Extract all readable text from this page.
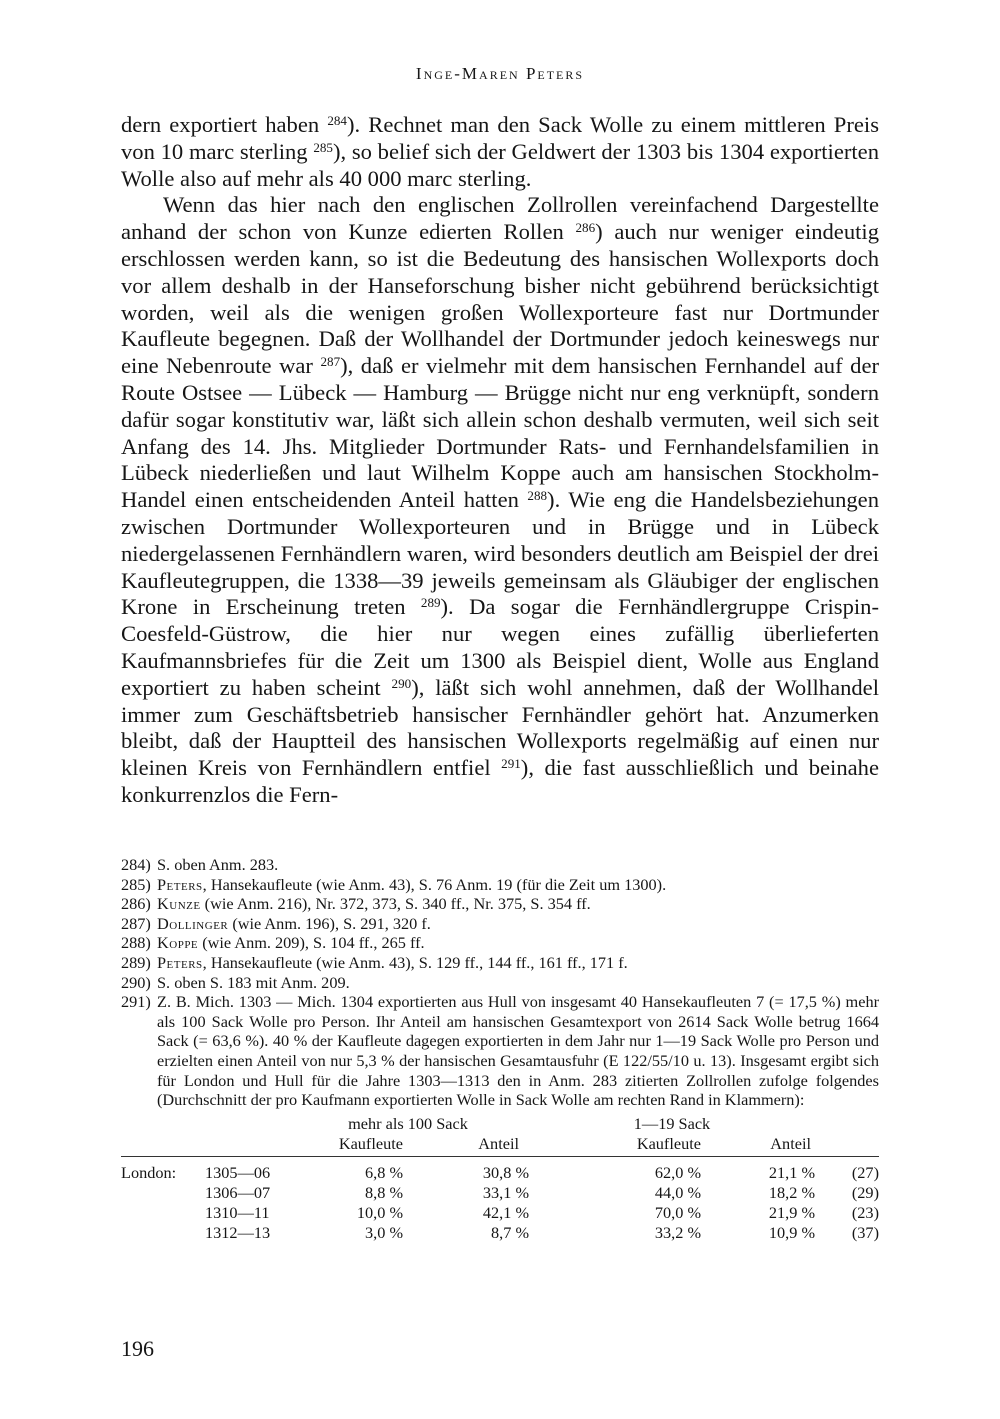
Inge-Maren Peters

dern exportiert haben $^{284}$). Rechnet man den Sack Wolle zu einem mittleren Preis von 10 marc sterling $^{285}$), so belief sich der Geldwert der 1303 bis 1304 exportierten Wolle also auf mehr als 40 000 marc sterling.

Wenn das hier nach den englischen Zollrollen vereinfachend Dargestellte anhand der schon von Kunze edierten Rollen $^{286}$) auch nur weniger eindeutig erschlossen werden kann, so ist die Bedeutung des hansischen Wollexports doch vor allem deshalb in der Hanseforschung bisher nicht gebührend berücksichtigt worden, weil als die wenigen großen Wollexporteure fast nur Dortmunder Kaufleute begegnen. Daß der Wollhandel der Dortmunder jedoch keineswegs nur eine Nebenroute war $^{287}$), daß er vielmehr mit dem hansischen Fernhandel auf der Route Ostsee — Lübeck — Hamburg — Brügge nicht nur eng verknüpft, sondern dafür sogar konstitutiv war, läßt sich allein schon deshalb vermuten, weil sich seit Anfang des 14. Jhs. Mitglieder Dortmunder Rats- und Fernhandelsfamilien in Lübeck niederließen und laut Wilhelm Koppe auch am hansischen Stockholm-Handel einen entscheidenden Anteil hatten $^{288}$). Wie eng die Handelsbeziehungen zwischen Dortmunder Wollexporteuren und in Brügge und in Lübeck niedergelassenen Fernhändlern waren, wird besonders deutlich am Beispiel der drei Kaufleutegruppen, die 1338—39 jeweils gemeinsam als Gläubiger der englischen Krone in Erscheinung treten $^{289}$). Da sogar die Fernhändlergruppe Crispin-Coesfeld-Güstrow, die hier nur wegen eines zufällig überlieferten Kaufmannsbriefes für die Zeit um 1300 als Beispiel dient, Wolle aus England exportiert zu haben scheint $^{290}$), läßt sich wohl annehmen, daß der Wollhandel immer zum Geschäftsbetrieb hansischer Fernhändler gehört hat. Anzumerken bleibt, daß der Hauptteil des hansischen Wollexports regelmäßig auf einen nur kleinen Kreis von Fernhändlern entfiel $^{291}$), die fast ausschließlich und beinahe konkurrenzlos die Fern-

284) S. oben Anm. 283.

285) Peters, Hansekaufleute (wie Anm. 43), S. 76 Anm. 19 (für die Zeit um 1300).

286) Kunze (wie Anm. 216), Nr. 372, 373, S. 340 ff., Nr. 375, S. 354 ff.

287) Dollinger (wie Anm. 196), S. 291, 320 f.

288) Koppe (wie Anm. 209), S. 104 ff., 265 ff.

289) Peters, Hansekaufleute (wie Anm. 43), S. 129 ff., 144 ff., 161 ff., 171 f.

290) S. oben S. 183 mit Anm. 209.

291) Z. B. Mich. 1303 — Mich. 1304 exportierten aus Hull von insgesamt 40 Hansekaufleuten 7 (= 17,5 %) mehr als 100 Sack Wolle pro Person. Ihr Anteil am hansischen Gesamtexport von 2614 Sack Wolle betrug 1664 Sack (= 63,6 %). 40 % der Kaufleute dagegen exportierten in dem Jahr nur 1—19 Sack Wolle pro Person und erzielten einen Anteil von nur 5,3 % der hansischen Gesamtausfuhr (E 122/55/10 u. 13). Insgesamt ergibt sich für London und Hull für die Jahre 1303—1313 den in Anm. 283 zitierten Zollrollen zufolge folgendes (Durchschnitt der pro Kaufmann exportierten Wolle in Sack Wolle am rechten Rand in Klammern):

		mehr als 100 Sack		1—19 Sack		
		Kaufleute	Anteil	Kaufleute	Anteil	
London:	1305—06	6,8 %	30,8 %	62,0 %	21,1 %	(27)
	1306—07	8,8 %	33,1 %	44,0 %	18,2 %	(29)
	1310—11	10,0 %	42,1 %	70,0 %	21,9 %	(23)
	1312—13	3,0 %	8,7 %	33,2 %	10,9 %	(37)
196
